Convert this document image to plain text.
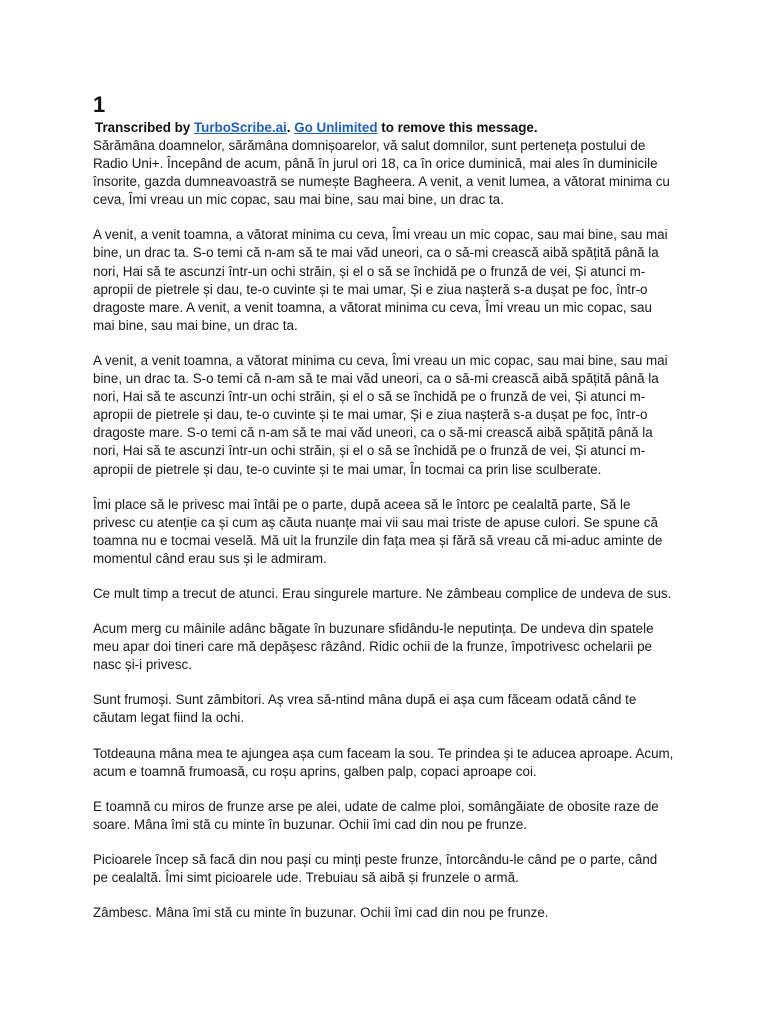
1
Transcribed by TurboScribe.ai. Go Unlimited to remove this message.

Sărămâna doamnelor, sărămâna domnișoarelor, vă salut domnilor, sunt perteneța postului de Radio Uni+. Începând de acum, până în jurul ori 18, ca în orice duminică, mai ales în duminicile însorite, gazda dumneavoastră se numește Bagheera. A venit, a venit lumea, a vătorat minima cu ceva, Îmi vreau un mic copac, sau mai bine, sau mai bine, un drac ta.

A venit, a venit toamna, a vătorat minima cu ceva, Îmi vreau un mic copac, sau mai bine, sau mai bine, un drac ta. S-o temi că n-am să te mai văd uneori, ca o să-mi crească aibă spățită până la nori, Hai să te ascunzi într-un ochi străin, și el o să se închidă pe o frunză de vei, Și atunci m-apropii de pietrele și dau, te-o cuvinte și te mai umar, Și e ziua nașteră s-a dușat pe foc, într-o dragoste mare. A venit, a venit toamna, a vătorat minima cu ceva, Îmi vreau un mic copac, sau mai bine, sau mai bine, un drac ta.

A venit, a venit toamna, a vătorat minima cu ceva, Îmi vreau un mic copac, sau mai bine, sau mai bine, un drac ta. S-o temi că n-am să te mai văd uneori, ca o să-mi crească aibă spățită până la nori, Hai să te ascunzi într-un ochi străin, și el o să se închidă pe o frunză de vei, Și atunci m-apropii de pietrele și dau, te-o cuvinte și te mai umar, Și e ziua nașteră s-a dușat pe foc, într-o dragoste mare. S-o temi că n-am să te mai văd uneori, ca o să-mi crească aibă spățită până la nori, Hai să te ascunzi într-un ochi străin, și el o să se închidă pe o frunză de vei, Și atunci m-apropii de pietrele și dau, te-o cuvinte și te mai umar, În tocmai ca prin lise sculberate.

Îmi place să le privesc mai întâi pe o parte, după aceea să le întorc pe cealaltă parte, Să le privesc cu atenție ca și cum aș căuta nuanțe mai vii sau mai triste de apuse culori. Se spune că toamna nu e tocmai veselă. Mă uit la frunzile din fața mea și fără să vreau că mi-aduc aminte de momentul când erau sus și le admiram.

Ce mult timp a trecut de atunci. Erau singurele marture. Ne zâmbeau complice de undeva de sus.

Acum merg cu mâinile adânc băgate în buzunare sfidându-le neputința. De undeva din spatele meu apar doi tineri care mă depășesc râzând. Ridic ochii de la frunze, împotrivesc ochelarii pe nasc și-i privesc.

Sunt frumoși. Sunt zâmbitori. Aș vrea să-ntind mâna după ei așa cum făceam odată când te căutam legat fiind la ochi.

Totdeauna mâna mea te ajungea așa cum faceam la sou. Te prindea și te aducea aproape. Acum, acum e toamnă frumoasă, cu roșu aprins, galben palp, copaci aproape coi.

E toamnă cu miros de frunze arse pe alei, udate de calme ploi, somângăiate de obosite raze de soare. Mâna îmi stă cu minte în buzunar. Ochii îmi cad din nou pe frunze.

Picioarele încep să facă din nou pași cu minți peste frunze, întorcându-le când pe o parte, când pe cealaltă. Îmi simt picioarele ude. Trebuiau să aibă și frunzele o armă.

Zâmbesc. Mâna îmi stă cu minte în buzunar. Ochii îmi cad din nou pe frunze.
